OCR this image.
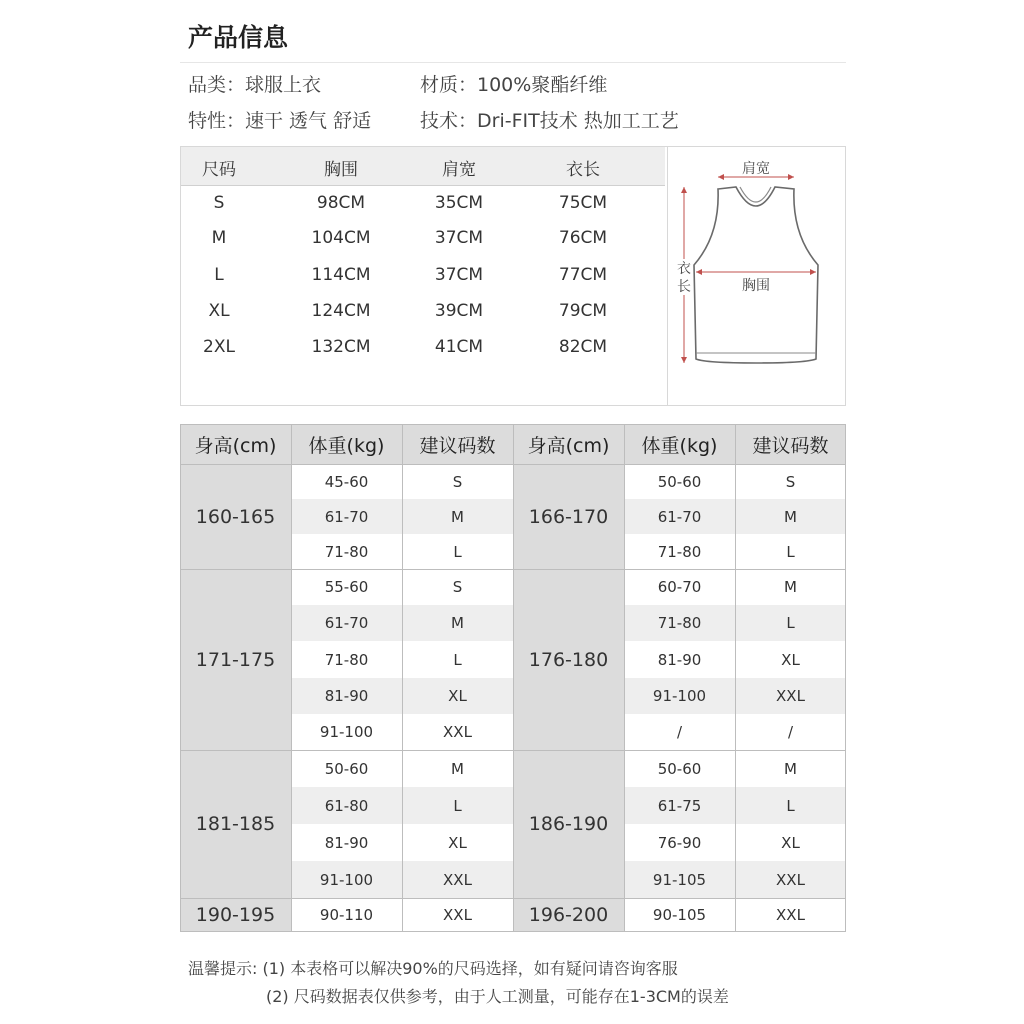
产品信息
品类：球服上衣	材质：100%聚酯纤维
特性：速干 透气 舒适	技术：Dri-FIT技术 热加工工艺
尺码	胸围	肩宽	衣长
S	98CM	35CM	75CM
M	104CM	37CM	76CM
L	114CM	37CM	77CM
XL	124CM	39CM	79CM
2XL	132CM	41CM	82CM
肩宽
胸围
衣
长
身高(cm)	体重(kg)	建议码数	身高(cm)	体重(kg)	建议码数
160-165	166-170
45-60	S	50-60	S
61-70	M	61-70	M
71-80	L	71-80	L
171-175	176-180
55-60	S	60-70	M
61-70	M	71-80	L
71-80	L	81-90	XL
81-90	XL	91-100	XXL
91-100	XXL	/	/
181-185	186-190
50-60	M	50-60	M
61-80	L	61-75	L
81-90	XL	76-90	XL
91-100	XXL	91-105	XXL
190-195	196-200
90-110	XXL	90-105	XXL
温馨提示: (1) 本表格可以解决90%的尺码选择，如有疑问请咨询客服
(2) 尺码数据表仅供参考，由于人工测量，可能存在1-3CM的误差
